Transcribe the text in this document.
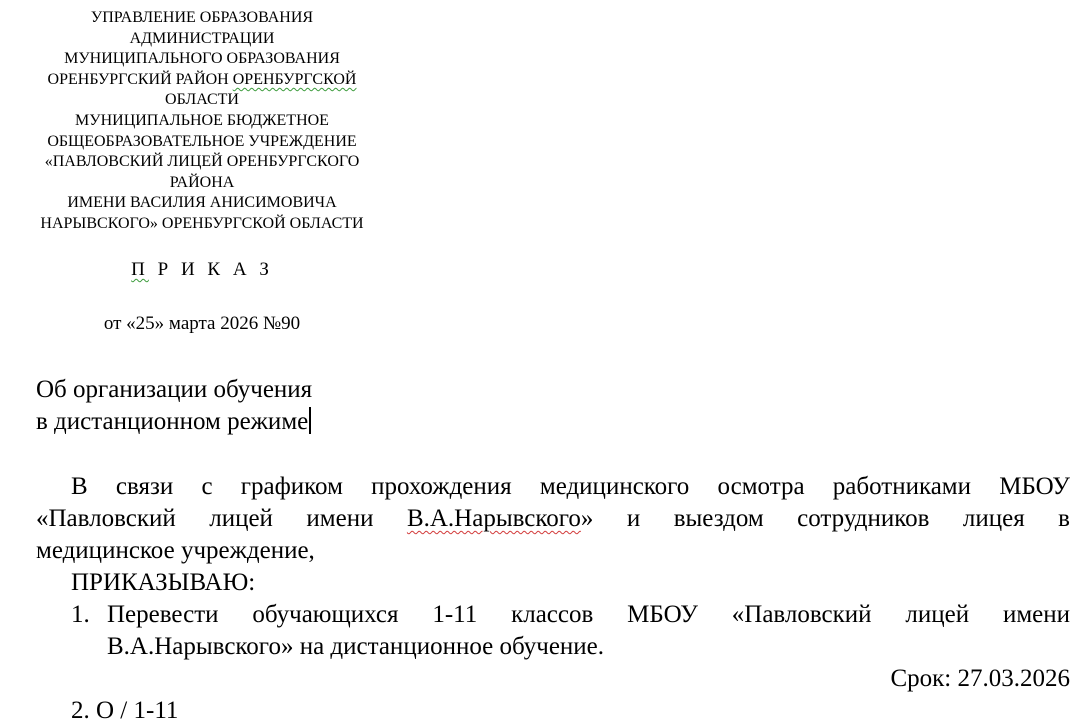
УПРАВЛЕНИЕ ОБРАЗОВАНИЯ
АДМИНИСТРАЦИИ
МУНИЦИПАЛЬНОГО ОБРАЗОВАНИЯ
ОРЕНБУРГСКИЙ РАЙОН ОРЕНБУРГСКОЙ
ОБЛАСТИ
МУНИЦИПАЛЬНОЕ БЮДЖЕТНОЕ
ОБЩЕОБРАЗОВАТЕЛЬНОЕ УЧРЕЖДЕНИЕ
«ПАВЛОВСКИЙ ЛИЦЕЙ ОРЕНБУРГСКОГО
РАЙОНА
ИМЕНИ ВАСИЛИЯ АНИСИМОВИЧА
НАРЫВСКОГО» ОРЕНБУРГСКОЙ ОБЛАСТИ
П Р И К А З
от «25» марта 2026 №90
Об организации обучения
в дистанционном режиме
В связи с графиком прохождения медицинского осмотра работниками МБОУ
«Павловский лицей имени В.А.Нарывского» и выездом сотрудников лицея в
медицинское учреждение,
ПРИКАЗЫВАЮ:
1. Перевести обучающихся 1-11 классов МБОУ «Павловский лицей имени
В.А.Нарывского» на дистанционное обучение.
Срок: 27.03.2026
2. О / 1-11
